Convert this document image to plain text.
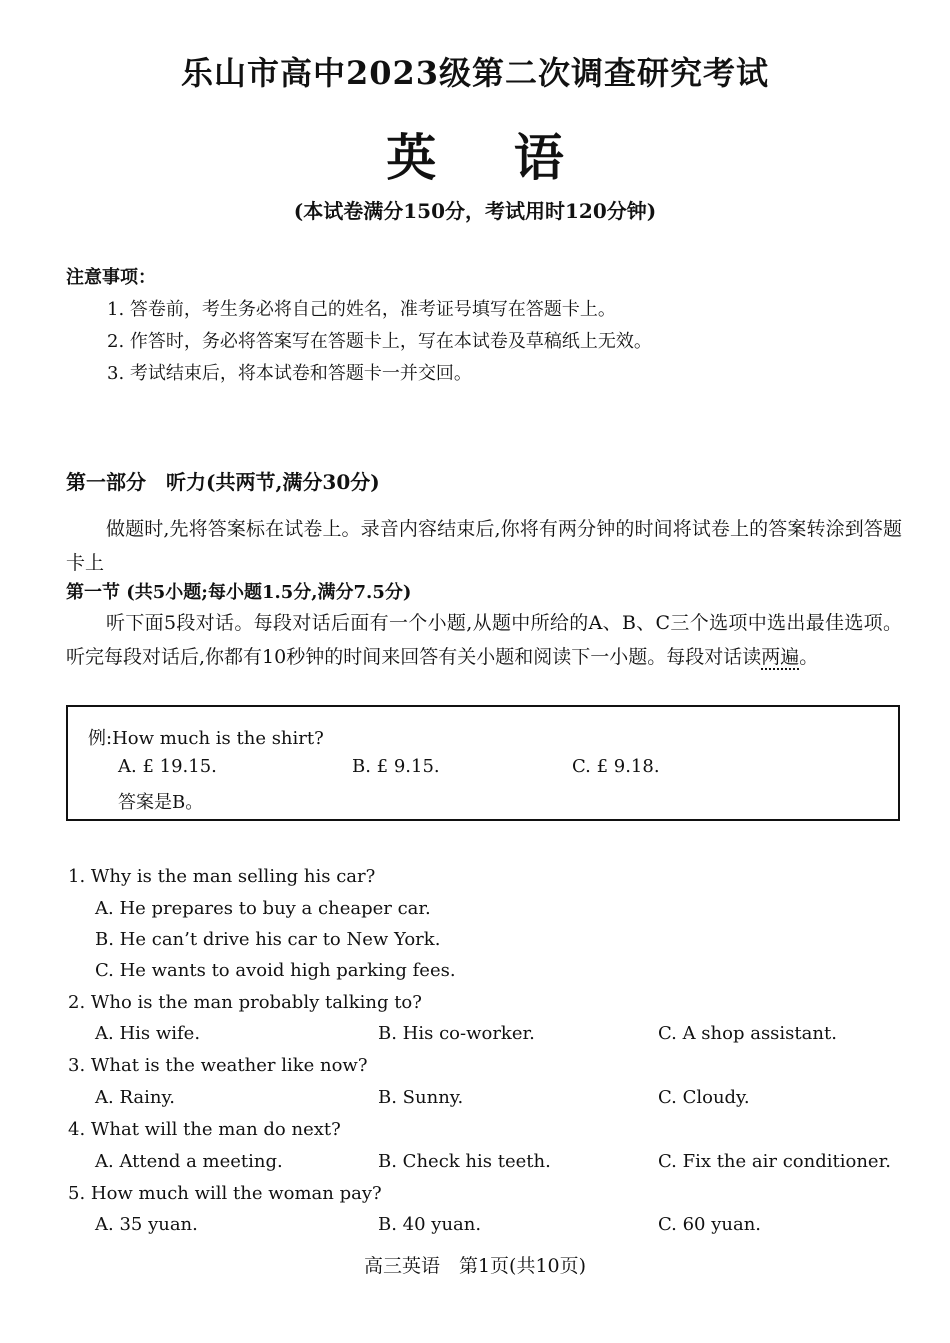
乐山市高中2023级第二次调查研究考试
英 语
(本试卷满分150分，考试用时120分钟)
注意事项：
1. 答卷前，考生务必将自己的姓名，准考证号填写在答题卡上。
2. 作答时，务必将答案写在答题卡上，写在本试卷及草稿纸上无效。
3. 考试结束后，将本试卷和答题卡一并交回。
第一部分　听力(共两节,满分30分)
做题时,先将答案标在试卷上。录音内容结束后,你将有两分钟的时间将试卷上的答案转涂到答题卡上
第一节 (共5小题;每小题1.5分,满分7.5分)
听下面5段对话。每段对话后面有一个小题,从题中所给的A、B、C三个选项中选出最佳选项。听完每段对话后,你都有10秒钟的时间来回答有关小题和阅读下一小题。每段对话读两遍。
例:How much is the shirt?
A. £ 19.15.	B. £ 9.15.	C. £ 9.18.
答案是B。
1. Why is the man selling his car?
A. He prepares to buy a cheaper car.
B. He can’t drive his car to New York.
C. He wants to avoid high parking fees.
2. Who is the man probably talking to?
A. His wife.	B. His co-worker.	C. A shop assistant.
3. What is the weather like now?
A. Rainy.	B. Sunny.	C. Cloudy.
4. What will the man do next?
A. Attend a meeting.	B. Check his teeth.	C. Fix the air conditioner.
5. How much will the woman pay?
A. 35 yuan.	B. 40 yuan.	C. 60 yuan.
高三英语　第1页(共10页)
